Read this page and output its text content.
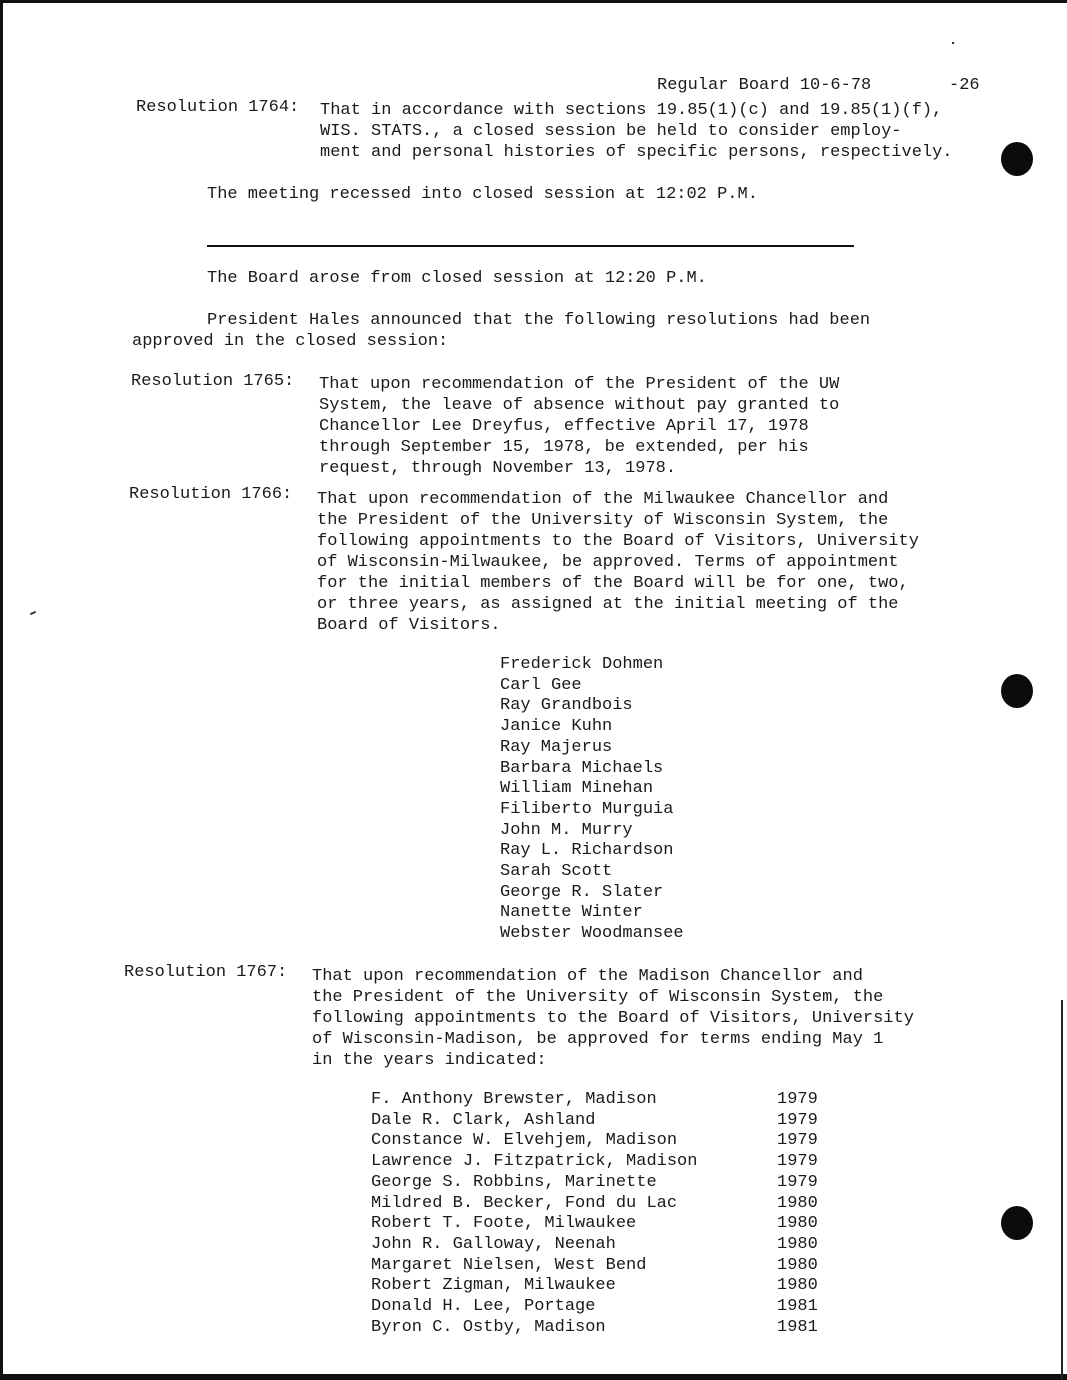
Regular Board 10-6-78	-26
Resolution 1764: That in accordance with sections 19.85(1)(c) and 19.85(1)(f),
WIS. STATS., a closed session be held to consider employ-
ment and personal histories of specific persons, respectively.
The meeting recessed into closed session at 12:02 P.M.
The Board arose from closed session at 12:20 P.M.
President Hales announced that the following resolutions had been
approved in the closed session:
Resolution 1765: That upon recommendation of the President of the UW
System, the leave of absence without pay granted to
Chancellor Lee Dreyfus, effective April 17, 1978
through September 15, 1978, be extended, per his
request, through November 13, 1978.
Resolution 1766: That upon recommendation of the Milwaukee Chancellor and
the President of the University of Wisconsin System, the
following appointments to the Board of Visitors, University
of Wisconsin-Milwaukee, be approved. Terms of appointment
for the initial members of the Board will be for one, two,
or three years, as assigned at the initial meeting of the
Board of Visitors.
Frederick Dohmen
Carl Gee
Ray Grandbois
Janice Kuhn
Ray Majerus
Barbara Michaels
William Minehan
Filiberto Murguia
John M. Murry
Ray L. Richardson
Sarah Scott
George R. Slater
Nanette Winter
Webster Woodmansee
Resolution 1767: That upon recommendation of the Madison Chancellor and
the President of the University of Wisconsin System, the
following appointments to the Board of Visitors, University
of Wisconsin-Madison, be approved for terms ending May 1
in the years indicated:
F. Anthony Brewster, Madison	1979
Dale R. Clark, Ashland	1979
Constance W. Elvehjem, Madison	1979
Lawrence J. Fitzpatrick, Madison	1979
George S. Robbins, Marinette	1979
Mildred B. Becker, Fond du Lac	1980
Robert T. Foote, Milwaukee	1980
John R. Galloway, Neenah	1980
Margaret Nielsen, West Bend	1980
Robert Zigman, Milwaukee	1980
Donald H. Lee, Portage	1981
Byron C. Ostby, Madison	1981
